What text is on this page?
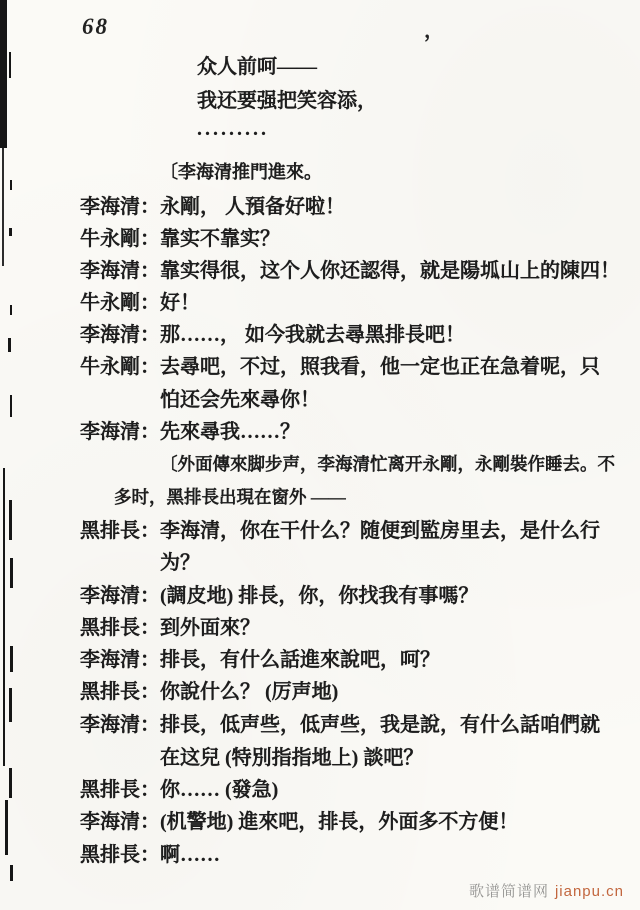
68	，
众人前呵——
我还要强把笑容添，
.........
〔李海清推門進來。
李海清：永剛， 人預备好啦！
牛永剛：靠实不靠实？
李海清：靠实得很，这个人你还認得，就是陽坬山上的陳四！
牛永剛：好！
李海清：那……， 如今我就去尋黑排長吧！
牛永剛：去尋吧，不过，照我看，他一定也正在急着呢，只
怕还会先來尋你！
李海清：先來尋我……？
〔外面傳來脚步声，李海清忙离开永剛，永剛裝作睡去。不
多时，黑排長出現在窗外 ——
黑排長：李海清，你在干什么？随便到監房里去，是什么行
为？
李海清：(調皮地) 排長，你，你找我有事嗎？
黑排長：到外面來？
李海清：排長，有什么話進來說吧，呵？
黑排長：你說什么？ (厉声地)
李海清：排長，低声些，低声些，我是說，有什么話咱們就
在这兒 (特別指指地上) 談吧？
黑排長：你…… (發急)
李海清：(机警地) 進來吧，排長，外面多不方便！
黑排長：啊……
歌谱简谱网 jianpu.cn
